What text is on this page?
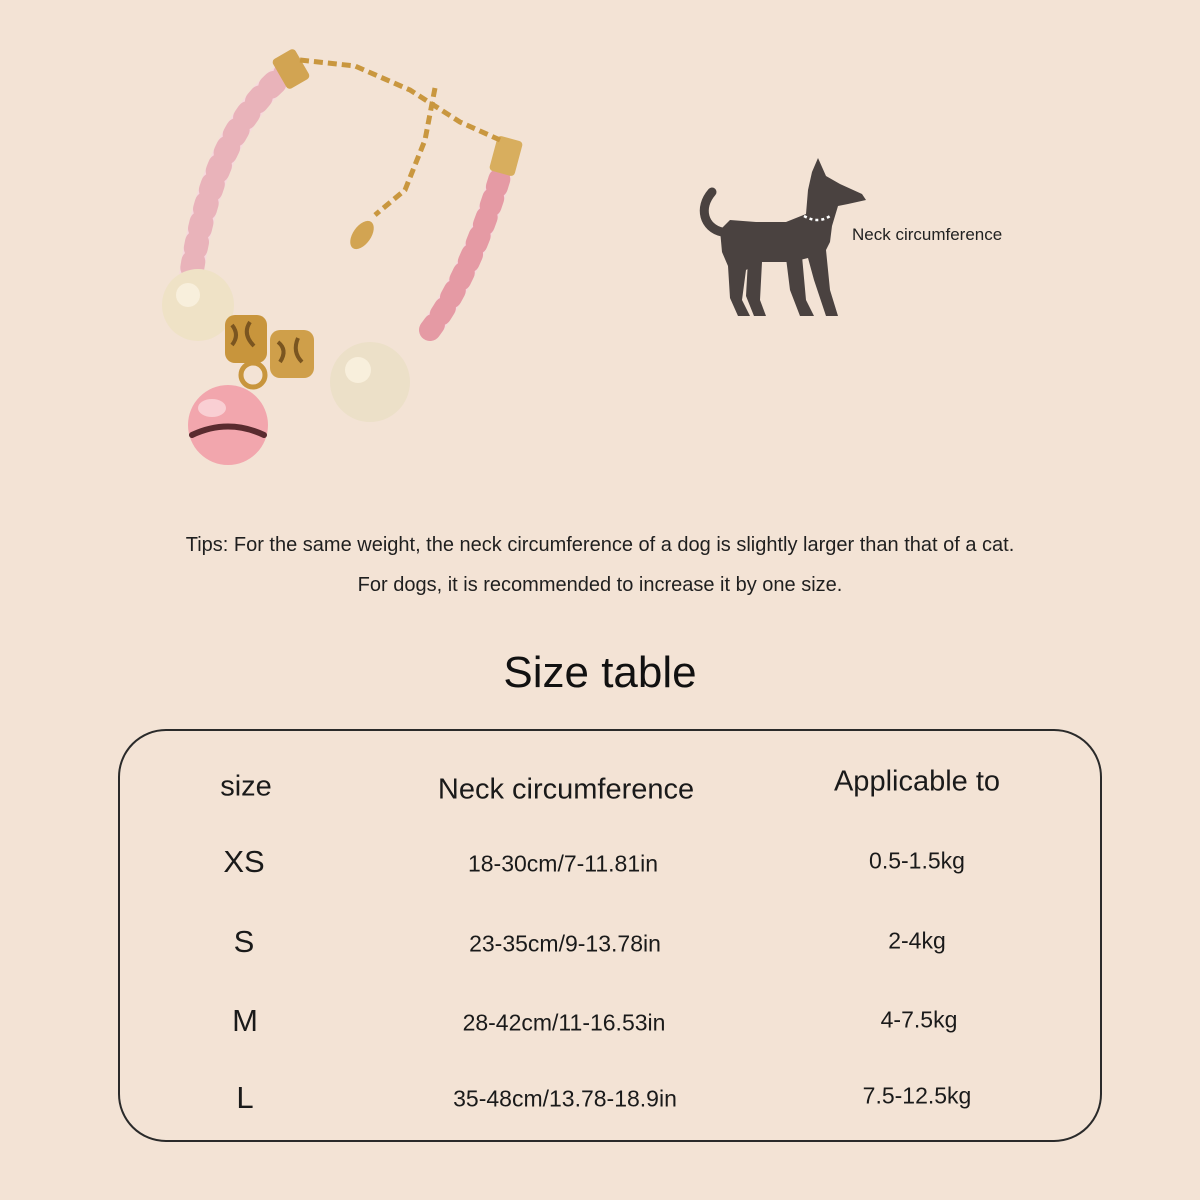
Neck circumference
Tips: For the same weight, the neck circumference of a dog is slightly larger than that of a cat.
For dogs, it is recommended to increase it by one size.
Size table
size	Neck circumference	Applicable to
XS	18-30cm/7-11.81in	0.5-1.5kg
S	23-35cm/9-13.78in	2-4kg
M	28-42cm/11-16.53in	4-7.5kg
L	35-48cm/13.78-18.9in	7.5-12.5kg
